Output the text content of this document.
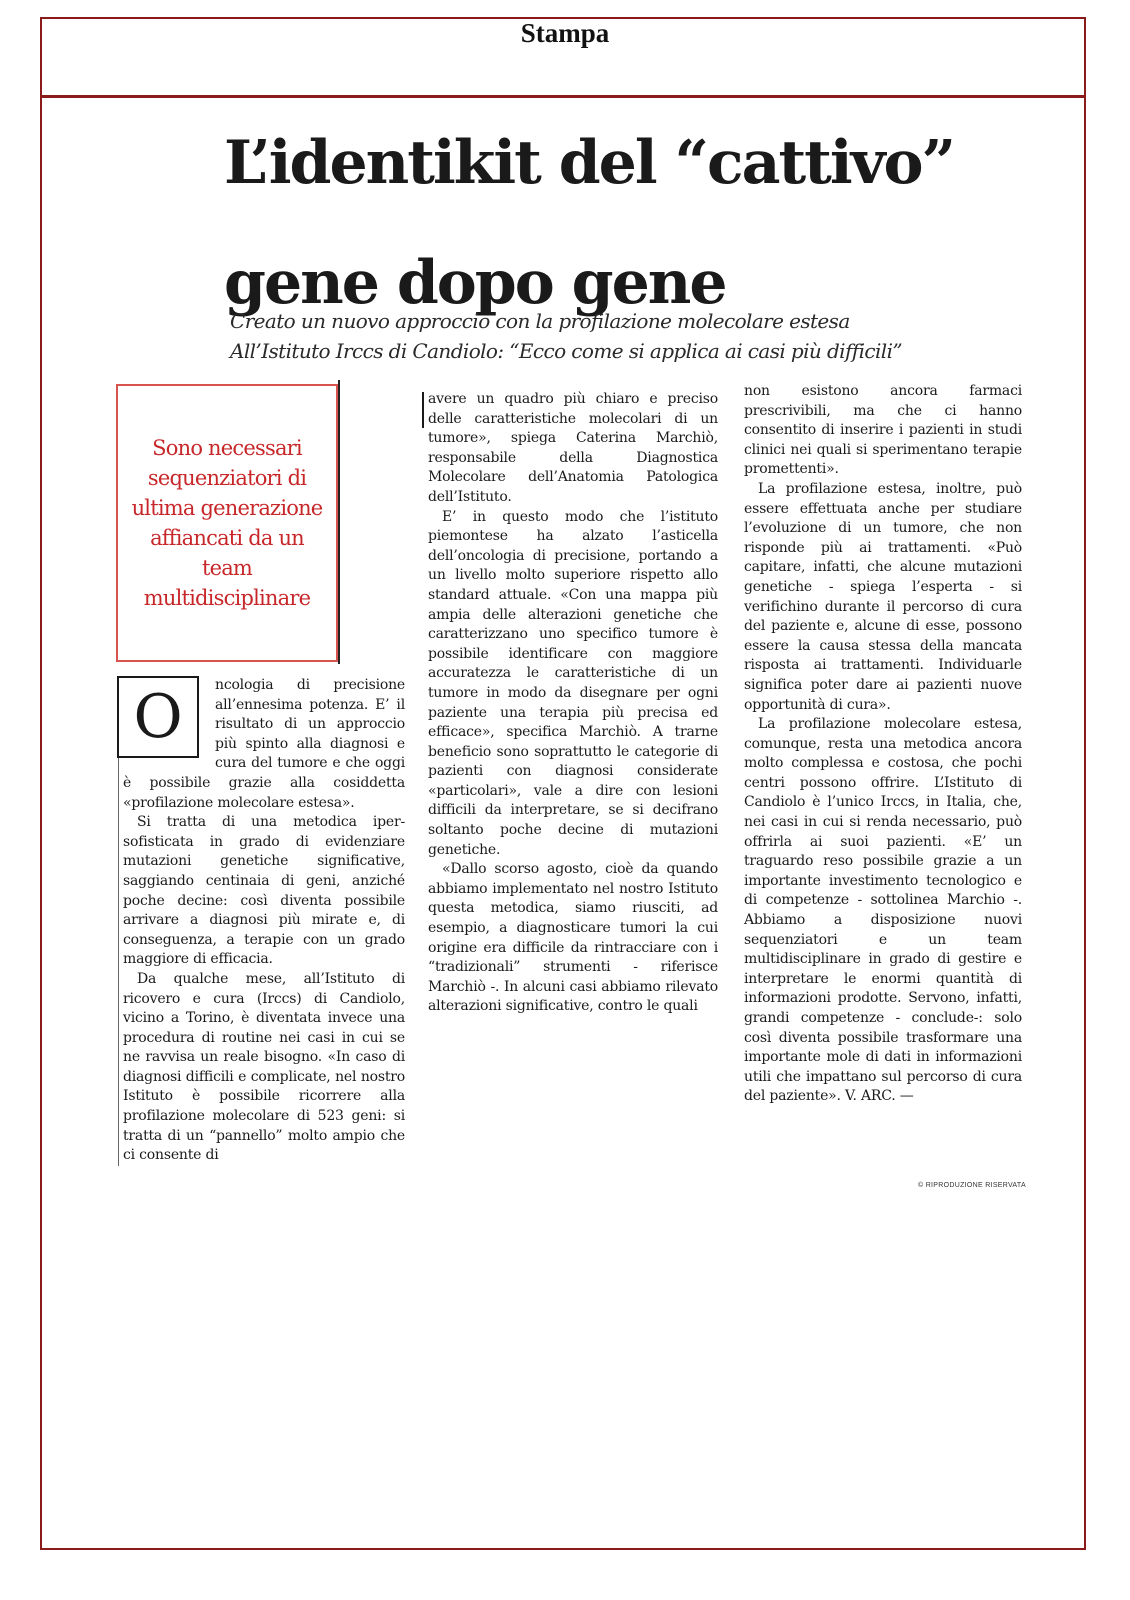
Stampa
L’identikit del “cattivo”
gene dopo gene
Creato un nuovo approccio con la profilazione molecolare estesa
All’Istituto Irccs di Candiolo: “Ecco come si applica ai casi più difficili”

Sono necessari sequenziatori di ultima generazione affiancati da un team multidisciplinare

O	ncologia di precisione all’ennesima potenza. E’ il risultato di un approccio più spinto alla diagnosi e cura del tumore e che oggi è possibile grazie alla cosiddetta «profilazione molecolare estesa».

Si tratta di una metodica iper-sofisticata in grado di evidenziare mutazioni genetiche significative, saggiando centinaia di geni, anziché poche decine: così diventa possibile arrivare a diagnosi più mirate e, di conseguenza, a terapie con un grado maggiore di efficacia.

Da qualche mese, all’Istituto di ricovero e cura (Irccs) di Candiolo, vicino a Torino, è diventata invece una procedura di routine nei casi in cui se ne ravvisa un reale bisogno. «In caso di diagnosi difficili e complicate, nel nostro Istituto è possibile ricorrere alla profilazione molecolare di 523 geni: si tratta di un “pannello” molto ampio che ci consente di

avere un quadro più chiaro e preciso delle caratteristiche molecolari di un tumore», spiega Caterina Marchiò, responsabile della Diagnostica Molecolare dell’Anatomia Patologica dell’Istituto.

E’ in questo modo che l’istituto piemontese ha alzato l’asticella dell’oncologia di precisione, portando a un livello molto superiore rispetto allo standard attuale. «Con una mappa più ampia delle alterazioni genetiche che caratterizzano uno specifico tumore è possibile identificare con maggiore accuratezza le caratteristiche di un tumore in modo da disegnare per ogni paziente una terapia più precisa ed efficace», specifica Marchiò. A trarne beneficio sono soprattutto le categorie di pazienti con diagnosi considerate «particolari», vale a dire con lesioni difficili da interpretare, se si decifrano soltanto poche decine di mutazioni genetiche.

«Dallo scorso agosto, cioè da quando abbiamo implementato nel nostro Istituto questa metodica, siamo riusciti, ad esempio, a diagnosticare tumori la cui origine era difficile da rintracciare con i “tradizionali” strumenti - riferisce Marchiò -. In alcuni casi abbiamo rilevato alterazioni significative, contro le quali

non esistono ancora farmaci prescrivibili, ma che ci hanno consentito di inserire i pazienti in studi clinici nei quali si sperimentano terapie promettenti».

La profilazione estesa, inoltre, può essere effettuata anche per studiare l’evoluzione di un tumore, che non risponde più ai trattamenti. «Può capitare, infatti, che alcune mutazioni genetiche - spiega l’esperta - si verifichino durante il percorso di cura del paziente e, alcune di esse, possono essere la causa stessa della mancata risposta ai trattamenti. Individuarle significa poter dare ai pazienti nuove opportunità di cura».

La profilazione molecolare estesa, comunque, resta una metodica ancora molto complessa e costosa, che pochi centri possono offrire. L’Istituto di Candiolo è l’unico Irccs, in Italia, che, nei casi in cui si renda necessario, può offrirla ai suoi pazienti. «E’ un traguardo reso possibile grazie a un importante investimento tecnologico e di competenze - sottolinea Marchio -. Abbiamo a disposizione nuovi sequenziatori e un team multidisciplinare in grado di gestire e interpretare le enormi quantità di informazioni prodotte. Servono, infatti, grandi competenze - conclude-: solo così diventa possibile trasformare una importante mole di dati in informazioni utili che impattano sul percorso di cura del paziente». V. ARC. —

© RIPRODUZIONE RISERVATA
